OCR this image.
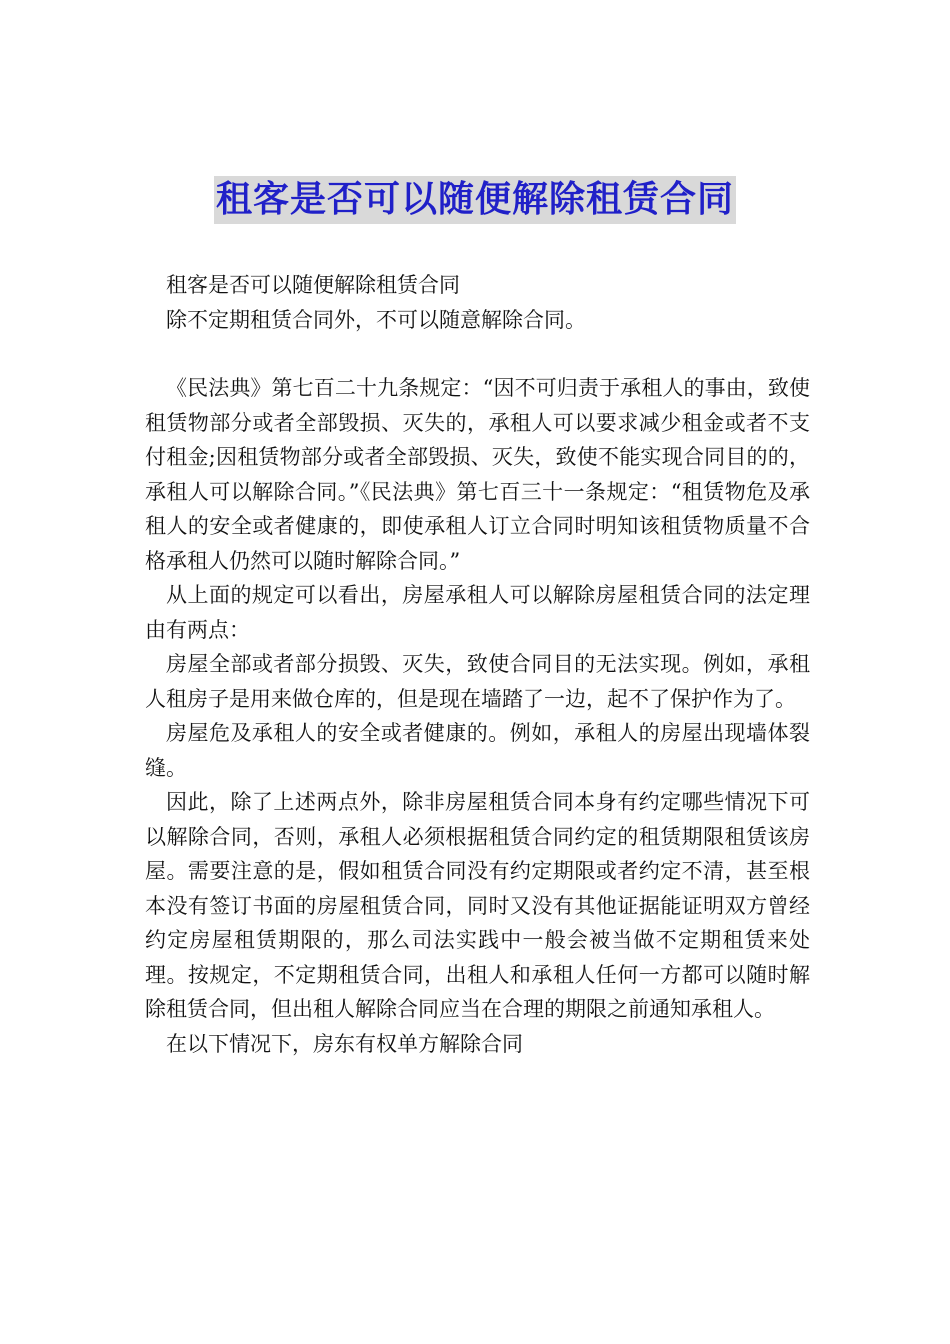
租客是否可以随便解除租赁合同

租客是否可以随便解除租赁合同

除不定期租赁合同外，不可以随意解除合同。

《民法典》第七百二十九条规定：“因不可归责于承租人的事由，致使租赁物部分或者全部毁损、灭失的，承租人可以要求减少租金或者不支付租金;因租赁物部分或者全部毁损、灭失，致使不能实现合同目的的，承租人可以解除合同。”《民法典》第七百三十一条规定：“租赁物危及承租人的安全或者健康的，即使承租人订立合同时明知该租赁物质量不合格承租人仍然可以随时解除合同。”

从上面的规定可以看出，房屋承租人可以解除房屋租赁合同的法定理由有两点：

房屋全部或者部分损毁、灭失，致使合同目的无法实现。例如，承租人租房子是用来做仓库的，但是现在墙踏了一边，起不了保护作为了。

房屋危及承租人的安全或者健康的。例如，承租人的房屋出现墙体裂缝。

因此，除了上述两点外，除非房屋租赁合同本身有约定哪些情况下可以解除合同，否则，承租人必须根据租赁合同约定的租赁期限租赁该房屋。需要注意的是，假如租赁合同没有约定期限或者约定不清，甚至根本没有签订书面的房屋租赁合同，同时又没有其他证据能证明双方曾经约定房屋租赁期限的，那么司法实践中一般会被当做不定期租赁来处理。按规定，不定期租赁合同，出租人和承租人任何一方都可以随时解除租赁合同，但出租人解除合同应当在合理的期限之前通知承租人。

在以下情况下，房东有权单方解除合同
